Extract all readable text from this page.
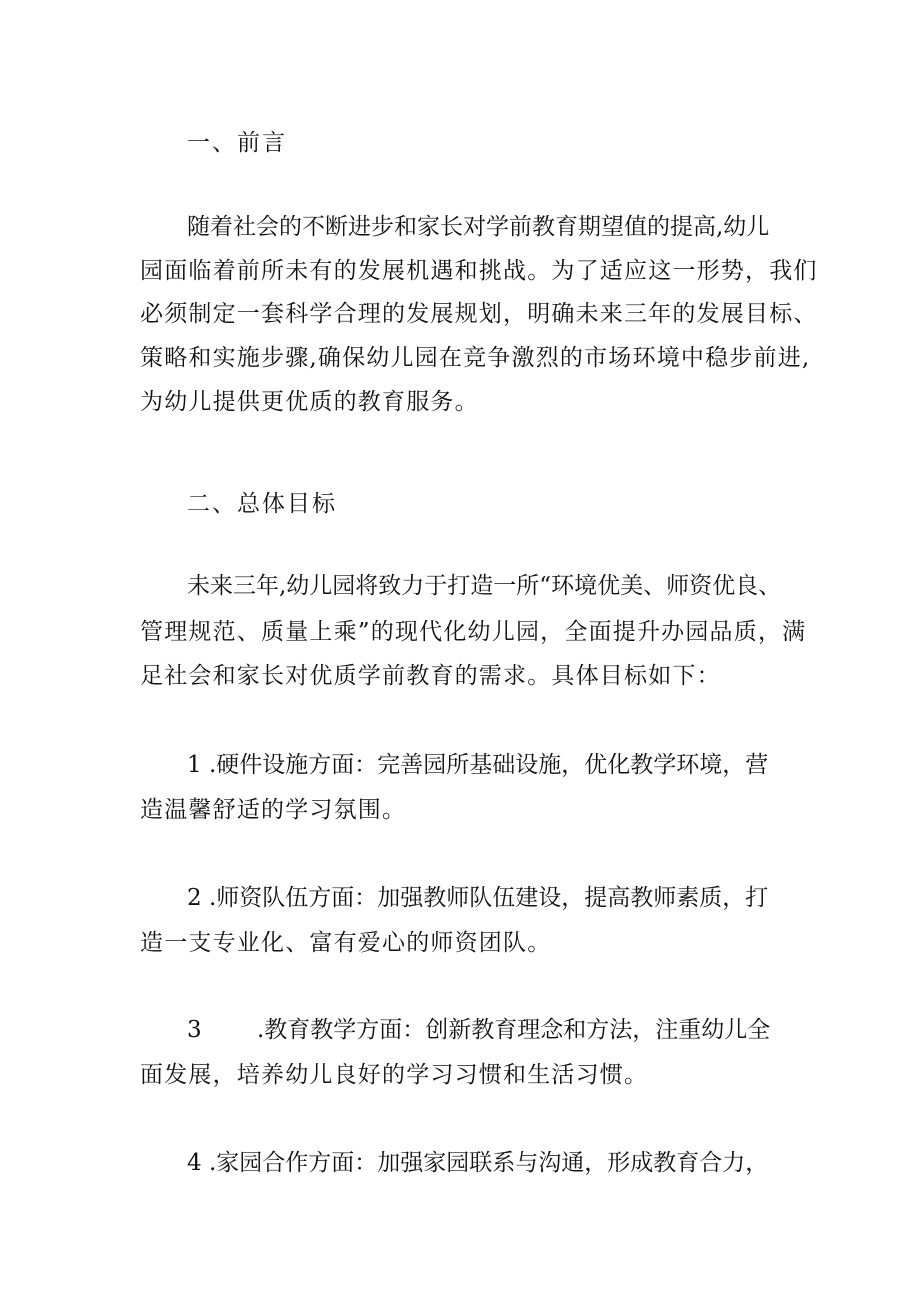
一、前言

随着社会的不断进步和家长对学前教育期望值的提高,幼儿

园面临着前所未有的发展机遇和挑战。为了适应这一形势，我们

必须制定一套科学合理的发展规划，明确未来三年的发展目标、

策略和实施步骤,确保幼儿园在竞争激烈的市场环境中稳步前进,

为幼儿提供更优质的教育服务。

二、总体目标

未来三年,幼儿园将致力于打造一所“环境优美、师资优良、

管理规范、质量上乘”的现代化幼儿园，全面提升办园品质，满

足社会和家长对优质学前教育的需求。具体目标如下：

1 .硬件设施方面：完善园所基础设施，优化教学环境，营

造温馨舒适的学习氛围。

2 .师资队伍方面：加强教师队伍建设，提高教师素质，打

造一支专业化、富有爱心的师资团队。

3 .教育教学方面：创新教育理念和方法，注重幼儿全

面发展，培养幼儿良好的学习习惯和生活习惯。

4 .家园合作方面：加强家园联系与沟通，形成教育合力，
